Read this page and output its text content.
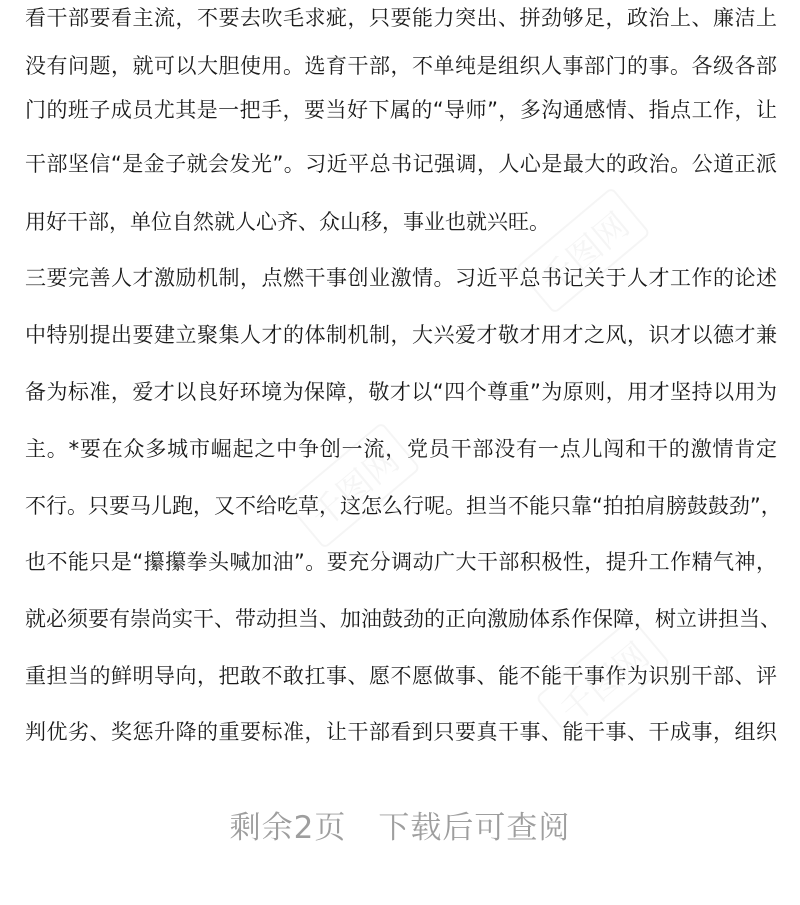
看干部要看主流，不要去吹毛求疵，只要能力突出、拼劲够足，政治上、廉洁上
没有问题，就可以大胆使用。选育干部，不单纯是组织人事部门的事。各级各部
门的班子成员尤其是一把手，要当好下属的“导师”，多沟通感情、指点工作，让
干部坚信“是金子就会发光”。习近平总书记强调，人心是最大的政治。公道正派
用好干部，单位自然就人心齐、众山移，事业也就兴旺。
三要完善人才激励机制，点燃干事创业激情。习近平总书记关于人才工作的论述
中特别提出要建立聚集人才的体制机制，大兴爱才敬才用才之风，识才以德才兼
备为标准，爱才以良好环境为保障，敬才以“四个尊重”为原则，用才坚持以用为
主。*要在众多城市崛起之中争创一流，党员干部没有一点儿闯和干的激情肯定
不行。只要马儿跑，又不给吃草，这怎么行呢。担当不能只靠“拍拍肩膀鼓鼓劲”，
也不能只是“攥攥拳头喊加油”。要充分调动广大干部积极性，提升工作精气神，
就必须要有崇尚实干、带动担当、加油鼓劲的正向激励体系作保障，树立讲担当、
重担当的鲜明导向，把敢不敢扛事、愿不愿做事、能不能干事作为识别干部、评
判优劣、奖惩升降的重要标准，让干部看到只要真干事、能干事、干成事，组织
千图网
千图网
千图网
剩余2页　下载后可查阅
